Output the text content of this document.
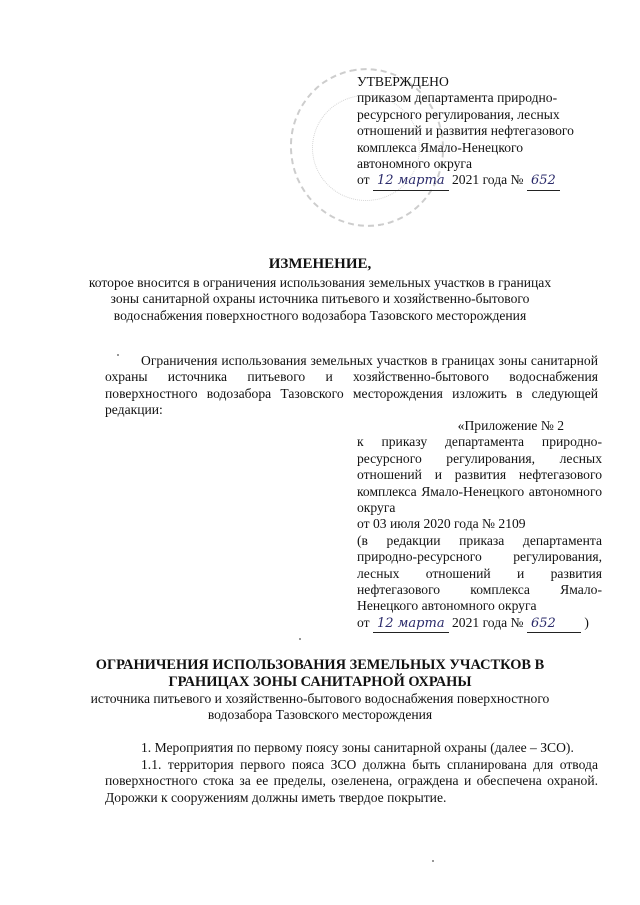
УТВЕРЖДЕНО
приказом департамента природно-
ресурсного регулирования, лесных
отношений и развития нефтегазового
комплекса Ямало-Ненецкого
автономного округа
от 12 марта 2021 года № 652
ИЗМЕНЕНИЕ,
которое вносится в ограничения использования земельных участков в границах
зоны санитарной охраны источника питьевого и хозяйственно-бытового
водоснабжения поверхностного водозабора Тазовского месторождения
Ограничения использования земельных участков в границах зоны санитарной охраны источника питьевого и хозяйственно-бытового водоснабжения поверхностного водозабора Тазовского месторождения изложить в следующей редакции:
«Приложение № 2
к приказу департамента природно-ресурсного регулирования, лесных отношений и развития нефтегазового комплекса Ямало-Ненецкого автономного округа
от 03 июля 2020 года № 2109
(в редакции приказа департамента природно-ресурсного регулирования, лесных отношений и развития нефтегазового комплекса Ямало-Ненецкого автономного округа
от 12 марта 2021 года № 652 )
ОГРАНИЧЕНИЯ ИСПОЛЬЗОВАНИЯ ЗЕМЕЛЬНЫХ УЧАСТКОВ В
ГРАНИЦАХ ЗОНЫ САНИТАРНОЙ ОХРАНЫ
источника питьевого и хозяйственно-бытового водоснабжения поверхностного
водозабора Тазовского месторождения
1. Мероприятия по первому поясу зоны санитарной охраны (далее – ЗСО).
1.1. территория первого пояса ЗСО должна быть спланирована для отвода поверхностного стока за ее пределы, озеленена, ограждена и обеспечена охраной. Дорожки к сооружениям должны иметь твердое покрытие.
